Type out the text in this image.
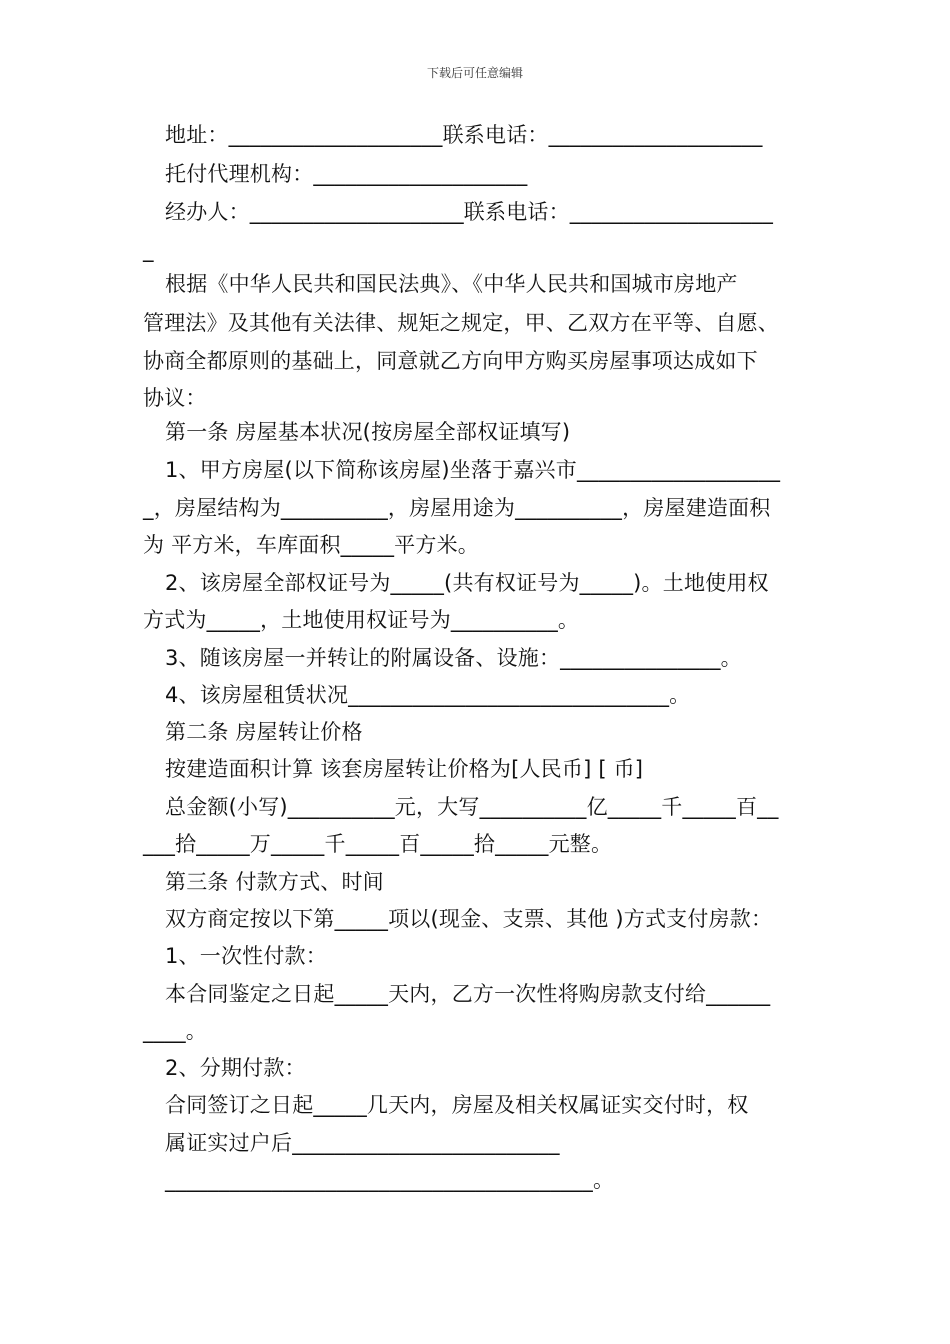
下载后可任意编辑
地址：____________________联系电话：____________________
托付代理机构：____________________
经办人：____________________联系电话：___________________
_
根据《中华人民共和国民法典》、《中华人民共和国城市房地产
管理法》及其他有关法律、规矩之规定，甲、乙双方在平等、自愿、
协商全都原则的基础上，同意就乙方向甲方购买房屋事项达成如下
协议：
第一条 房屋基本状况(按房屋全部权证填写)
1、甲方房屋(以下简称该房屋)坐落于嘉兴市___________________
_，房屋结构为__________，房屋用途为__________，房屋建造面积
为 平方米，车库面积_____平方米。
2、该房屋全部权证号为_____(共有权证号为_____)。土地使用权
方式为_____，土地使用权证号为__________。
3、随该房屋一并转让的附属设备、设施：_______________。
4、该房屋租赁状况______________________________。
第二条 房屋转让价格
按建造面积计算 该套房屋转让价格为[人民币] [ 币]
总金额(小写)__________元，大写__________亿_____千_____百__
___拾_____万_____千_____百_____拾_____元整。
第三条 付款方式、时间
双方商定按以下第_____项以(现金、支票、其他 )方式支付房款：
1、一次性付款：
本合同鉴定之日起_____天内，乙方一次性将购房款支付给______
____。
2、分期付款：
合同签订之日起_____几天内，房屋及相关权属证实交付时，权
属证实过户后_________________________
________________________________________。
